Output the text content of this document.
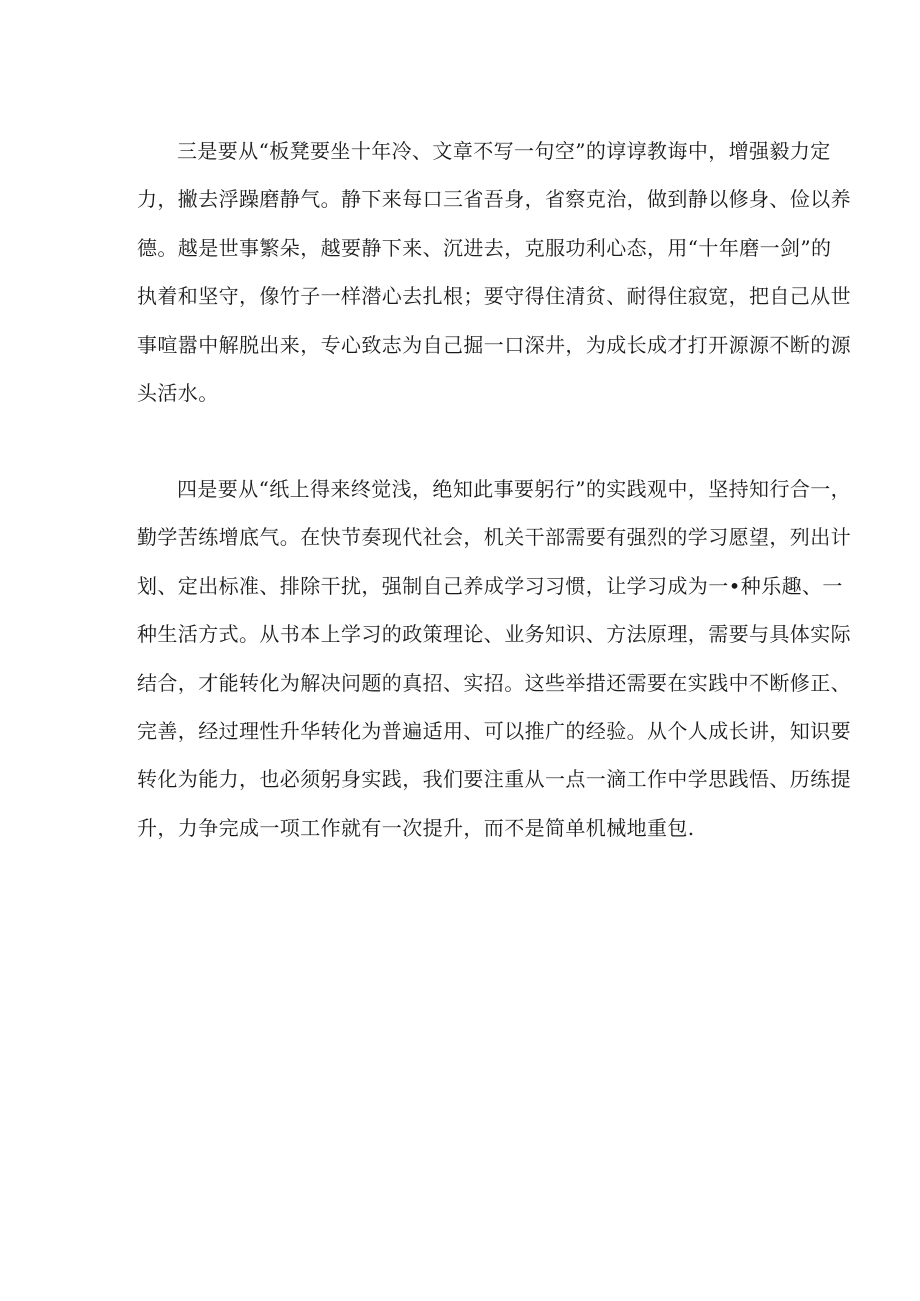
三是要从“板凳要坐十年冷、文章不写一句空”的谆谆教诲中，增强毅力定
力，撇去浮躁磨静气。静下来每口三省吾身，省察克治，做到静以修身、俭以养
德。越是世事繁朵，越要静下来、沉进去，克服功利心态，用“十年磨一剑”的
执着和坚守，像竹子一样潜心去扎根；要守得住清贫、耐得住寂宽，把自己从世
事喧嚣中解脱出来，专心致志为自己掘一口深井，为成长成才打开源源不断的源
头活水。
四是要从“纸上得来终觉浅，绝知此事要躬行”的实践观中，坚持知行合一，
勤学苦练增底气。在快节奏现代社会，机关干部需要有强烈的学习愿望，列出计
划、定出标准、排除干扰，强制自己养成学习习惯，让学习成为一•种乐趣、一
种生活方式。从书本上学习的政策理论、业务知识、方法原理，需要与具体实际
结合，才能转化为解决问题的真招、实招。这些举措还需要在实践中不断修正、
完善，经过理性升华转化为普遍适用、可以推广的经验。从个人成长讲，知识要
转化为能力，也必须躬身实践，我们要注重从一点一滴工作中学思践悟、历练提
升，力争完成一项工作就有一次提升，而不是简单机械地重包.
